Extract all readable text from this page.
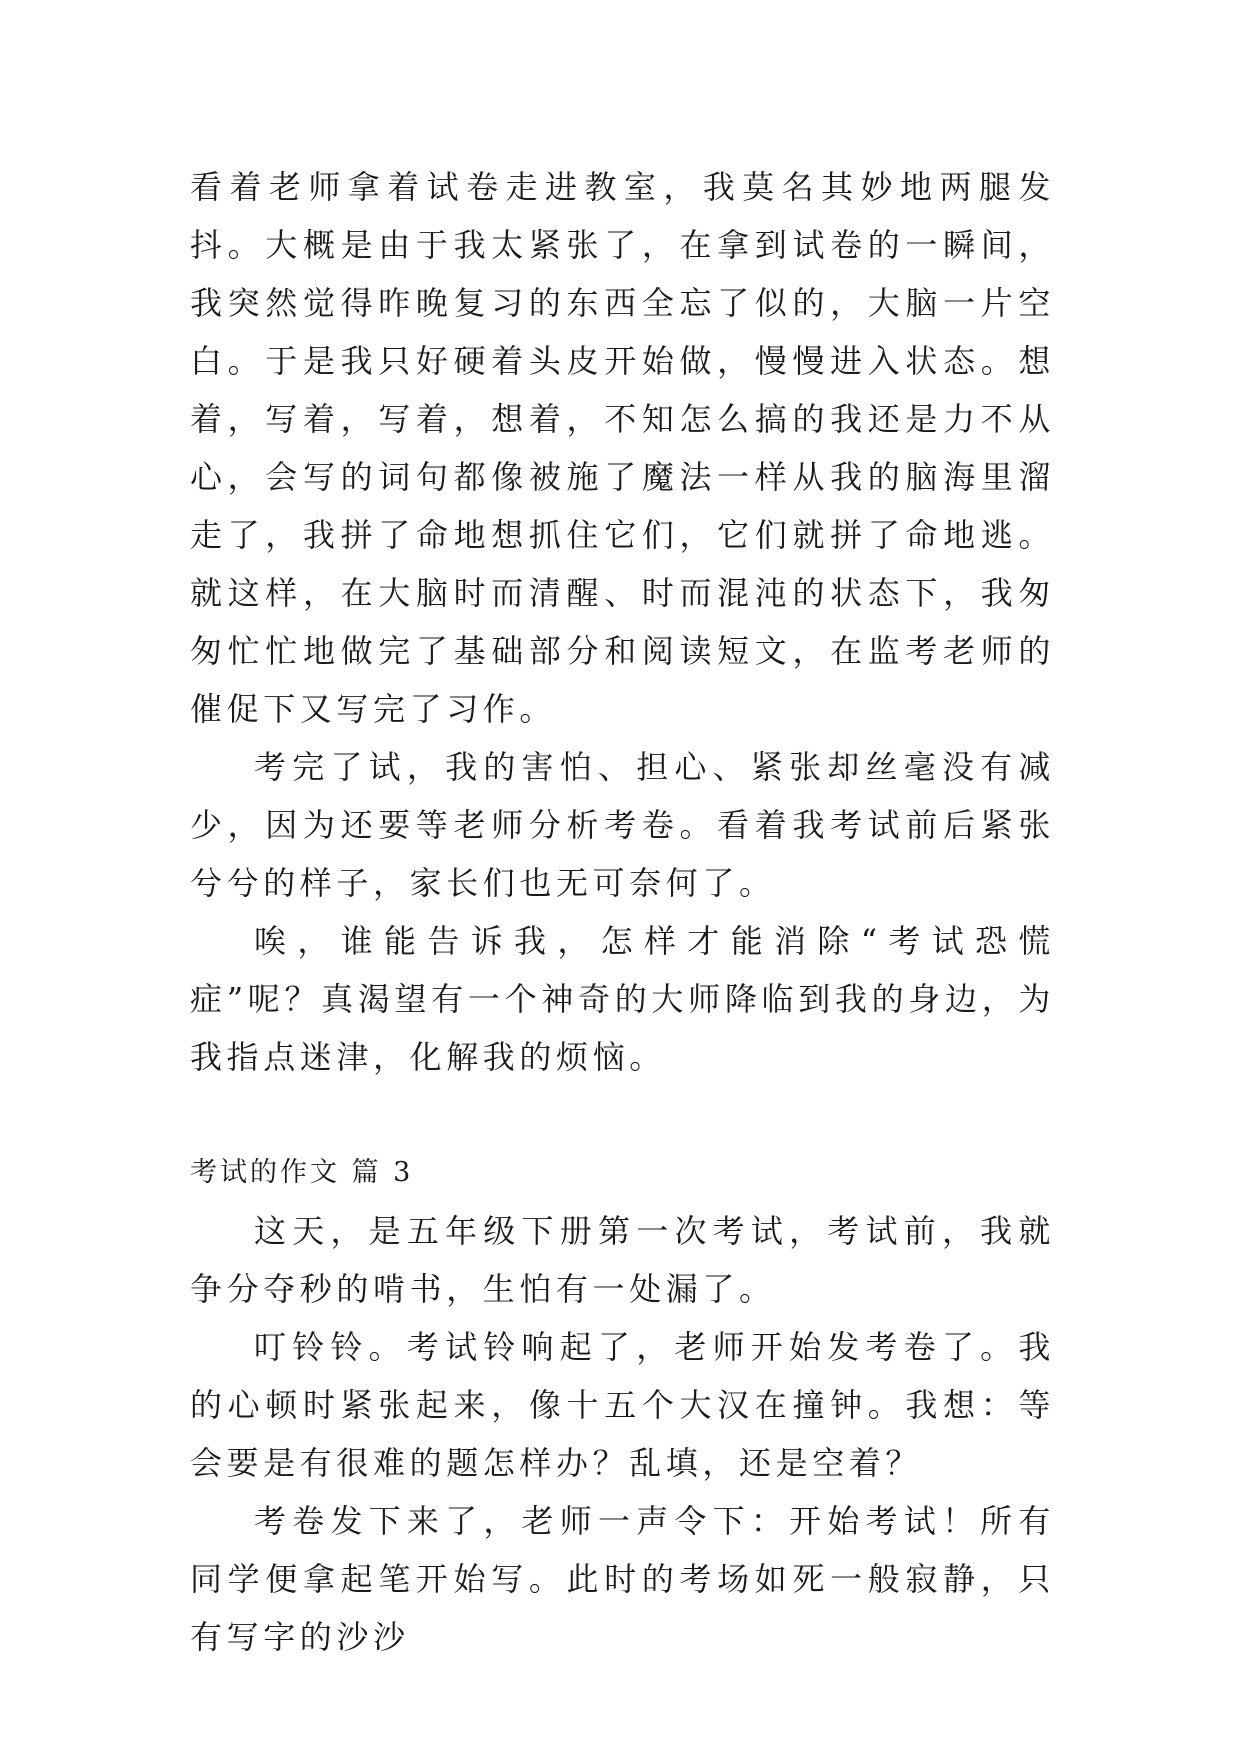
看着老师拿着试卷走进教室，我莫名其妙地两腿发抖。大概是由于我太紧张了，在拿到试卷的一瞬间，我突然觉得昨晚复习的东西全忘了似的，大脑一片空白。于是我只好硬着头皮开始做，慢慢进入状态。想着，写着，写着，想着，不知怎么搞的我还是力不从心，会写的词句都像被施了魔法一样从我的脑海里溜走了，我拼了命地想抓住它们，它们就拼了命地逃。就这样，在大脑时而清醒、时而混沌的状态下，我匆匆忙忙地做完了基础部分和阅读短文，在监考老师的催促下又写完了习作。

考完了试，我的害怕、担心、紧张却丝毫没有减少，因为还要等老师分析考卷。看着我考试前后紧张兮兮的样子，家长们也无可奈何了。

唉，谁能告诉我，怎样才能消除“考试恐慌症”呢？真渴望有一个神奇的大师降临到我的身边，为我指点迷津，化解我的烦恼。

考试的作文 篇 3

这天，是五年级下册第一次考试，考试前，我就争分夺秒的啃书，生怕有一处漏了。

叮铃铃。考试铃响起了，老师开始发考卷了。我的心顿时紧张起来，像十五个大汉在撞钟。我想：等会要是有很难的题怎样办？乱填，还是空着？

考卷发下来了，老师一声令下：开始考试！所有同学便拿起笔开始写。此时的考场如死一般寂静，只有写字的沙沙
